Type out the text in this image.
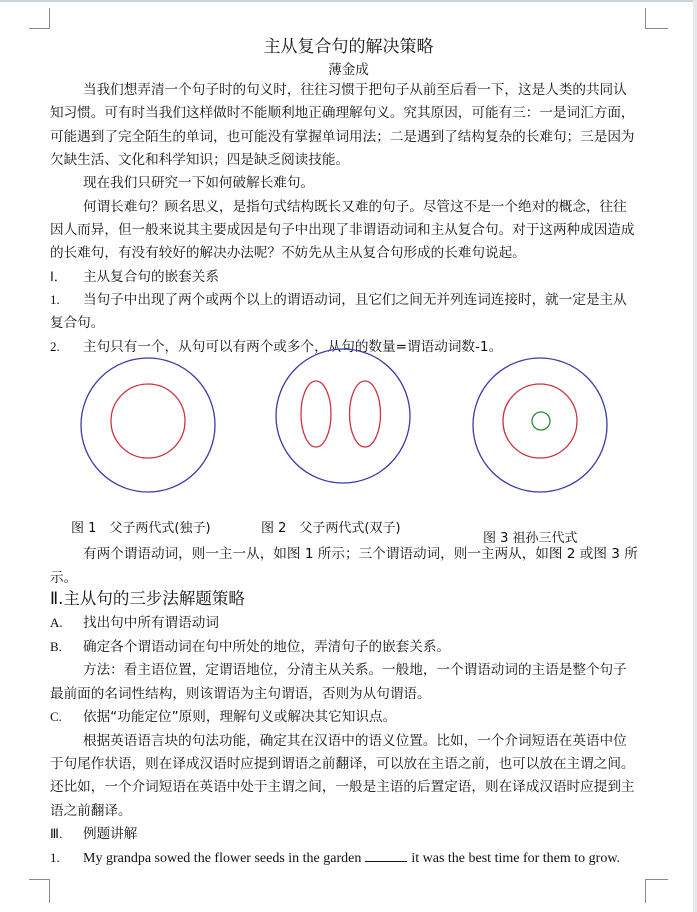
主从复合句的解决策略
薄金成
当我们想弄清一个句子时的句义时，往往习惯于把句子从前至后看一下，这是人类的共同认
知习惯。可有时当我们这样做时不能顺利地正确理解句义。究其原因，可能有三：一是词汇方面，
可能遇到了完全陌生的单词，也可能没有掌握单词用法；二是遇到了结构复杂的长难句；三是因为
欠缺生活、文化和科学知识；四是缺乏阅读技能。
现在我们只研究一下如何破解长难句。
何谓长难句？顾名思义，是指句式结构既长又难的句子。尽管这不是一个绝对的概念，往往
因人而异，但一般来说其主要成因是句子中出现了非谓语动词和主从复合句。对于这两种成因造成
的长难句，有没有较好的解决办法呢？不妨先从主从复合句形成的长难句说起。
Ⅰ． 主从复合句的嵌套关系
1. 当句子中出现了两个或两个以上的谓语动词，且它们之间无并列连词连接时，就一定是主从
复合句。
2. 主句只有一个，从句可以有两个或多个，从句的数量=谓语动词数-1。
图 1　父子两代式(独子)	图 2　父子两代式(双子)
图 3 祖孙三代式
有两个谓语动词，则一主一从，如图 1 所示；三个谓语动词，则一主两从，如图 2 或图 3 所
示。
Ⅱ.主从句的三步法解题策略
A. 找出句中所有谓语动词
B. 确定各个谓语动词在句中所处的地位，弄清句子的嵌套关系。
方法：看主语位置，定谓语地位，分清主从关系。一般地，一个谓语动词的主语是整个句子
最前面的名词性结构，则该谓语为主句谓语，否则为从句谓语。
C. 依据“功能定位”原则，理解句义或解决其它知识点。
根据英语语言块的句法功能，确定其在汉语中的语义位置。比如，一个介词短语在英语中位
于句尾作状语，则在译成汉语时应提到谓语之前翻译，可以放在主语之前，也可以放在主谓之间。
还比如，一个介词短语在英语中处于主谓之间，一般是主语的后置定语，则在译成汉语时应提到主
语之前翻译。
Ⅲ. 例题讲解
1. My grandpa sowed the flower seeds in the garden	it was the best time for them to grow.
